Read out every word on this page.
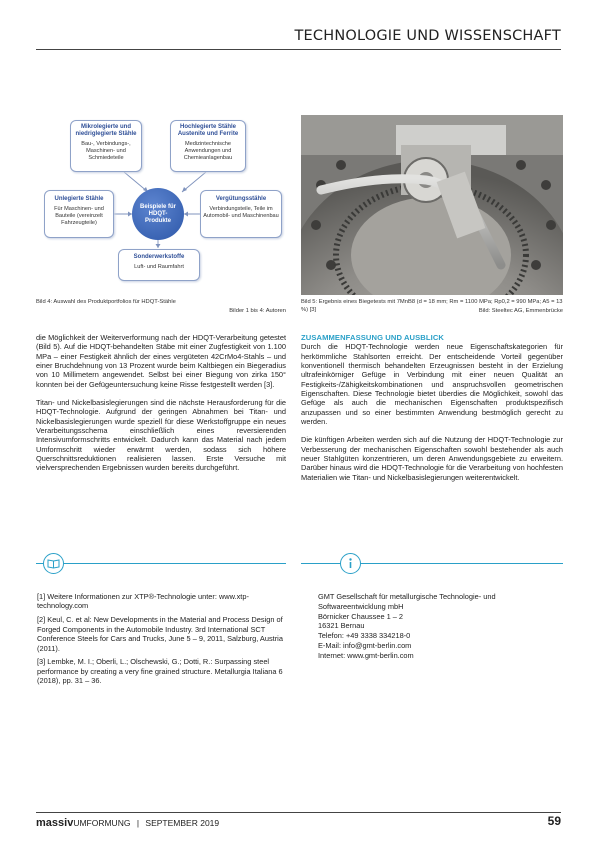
TECHNOLOGIE UND WISSENSCHAFT
Mikrolegierte und niedriglegierte Stähle
Bau-, Verbindungs-, Maschinen- und Schmiedeteile
Hochlegierte Stähle Austenite und Ferrite
Medizintechnische Anwendungen und Chemieanlagenbau
Unlegierte Stähle
Für Maschinen- und Bauteile (vereinzelt Fahrzeugteile)
Beispiele für HDQT-Produkte
Vergütungsstähle
Verbindungsteile, Teile im Automobil- und Maschinenbau
Sonderwerkstoffe
Luft- und Raumfahrt
Bild 4: Auswahl des Produktportfolios für HDQT-Stähle
Bilder 1 bis 4: Autoren
Bild 5: Ergebnis eines Biegetests mit 7MnB8 (d = 18 mm; Rm = 1100 MPa; Rp0,2 = 990 MPa; A5 = 13 %) [3]	Bild: Steeltec AG, Emmenbrücke

die Möglichkeit der Weiterverformung nach der HDQT-Verarbeitung getestet (Bild 5). Auf die HDQT-behandelten Stäbe mit einer Zugfestigkeit von 1.100 MPa – einer Festigkeit ähnlich der eines vergüteten 42CrMo4-Stahls – und einer Bruchdehnung von 13 Prozent wurde beim Kaltbiegen ein Biegeradius von 10 Millimetern angewendet. Selbst bei einer Biegung von zirka 150° konnten bei der Gefügeuntersuchung keine Risse festgestellt werden [3].

Titan- und Nickelbasislegierungen sind die nächste Herausforderung für die HDQT-Technologie. Aufgrund der geringen Abnahmen bei Titan- und Nickelbasislegierungen wurde speziell für diese Werkstoffgruppe ein neues Verarbeitungsschema einschließlich eines reversierenden Intensivumformschritts entwickelt. Dadurch kann das Material nach jedem Umformschritt wieder erwärmt werden, sodass sich höhere Querschnittsreduktionen realisieren lassen. Erste Versuche mit vielversprechenden Ergebnissen wurden bereits durchgeführt.

ZUSAMMENFASSUNG UND AUSBLICK

Durch die HDQT-Technologie werden neue Eigenschaftskategorien für herkömmliche Stahlsorten erreicht. Der entscheidende Vorteil gegenüber konventionell thermisch behandelten Erzeugnissen besteht in der Erzielung ultrafeinkörniger Gefüge in Verbindung mit einer neuen Qualität an Festigkeits-/Zähigkeitskombinationen und anspruchsvollen geometrischen Eigenschaften. Diese Technologie bietet überdies die Möglichkeit, sowohl das Gefüge als auch die mechanischen Eigenschaften produktspezifisch anzupassen und so einer bestimmten Anwendung bestmöglich gerecht zu werden.

Die künftigen Arbeiten werden sich auf die Nutzung der HDQT-Technologie zur Verbesserung der mechanischen Eigenschaften sowohl bestehender als auch neuer Stahlgüten konzentrieren, um deren Anwendungsgebiete zu erweitern. Darüber hinaus wird die HDQT-Technologie für die Verarbeitung von hochfesten Materialien wie Titan- und Nickelbasislegierungen weiterentwickelt.

[1] Weitere Informationen zur XTP®-Technologie unter: www.xtp-technology.com

[2] Keul, C. et al: New Developments in the Material and Process Design of Forged Components in the Automobile Industry. 3rd International SCT Conference Steels for Cars and Trucks, June 5 – 9, 2011, Salzburg, Austria (2011).

[3] Lembke, M. I.; Oberli, L.; Olschewski, G.; Dotti, R.: Surpassing steel performance by creating a very fine grained structure. Metallurgia Italiana 6 (2018), pp. 31 – 36.

GMT Gesellschaft für metallurgische Technologie- und Softwareentwicklung mbH
Börnicker Chaussee 1 – 2
16321 Bernau
Telefon: +49 3338 334218-0
E-Mail: info@gmt-berlin.com
Internet: www.gmt-berlin.com
massivUMFORMUNG | SEPTEMBER 2019	59
